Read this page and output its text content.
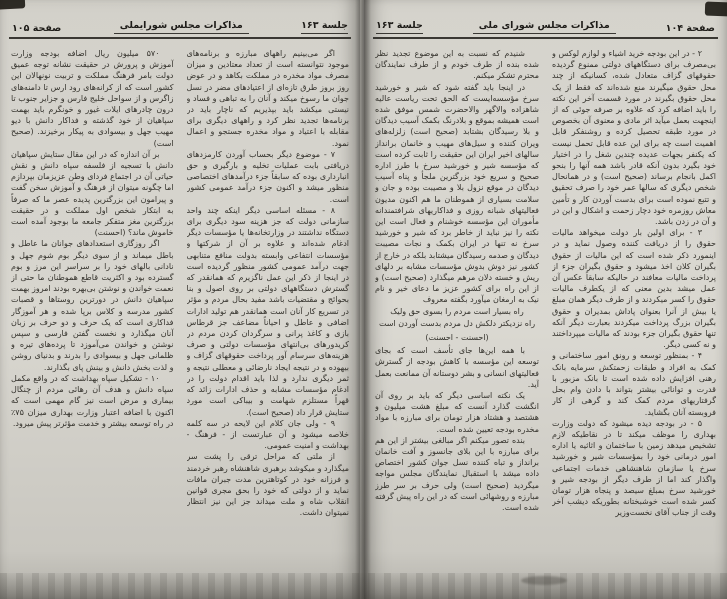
صفحة ۱۰۵	مذاکرات مجلس شورایملی	جلسة ۱۶۳

اگر می‌بینیم راههای مبارزه و برنامه‌های موجود نتوانسته است از تعداد معتادین و میزان مصرف مواد مخدره در مملکت بکاهد و در عوض روز بروز طرق تازه‌ای از اعتیادهای مضر در نسل جوان ما رسوخ میکند و آنان را به تباهی و فساد و نیستی میکشد باید بپذیریم که ناچار باید در برنامه‌ها تجدید نظر کرد و راههای دیگری برای مقابله با اعتیاد و مواد مخدره جستجو و اعمال نمود.

۷ - موضوع دیگر بحساب آوردن کارمزدهای دریافتی بابت عملیات تخلیه و بارگیری و حق انبارداری بوده که سابقاً جزء درآمدهای اختصاصی منظور میشد و اکنون جزء درآمد عمومی کشور است.

۸ - مسئله اساسی دیگر اینکه چند واحد سازمانی دولت که جز هزینه سود دیگری برای دستگاه نداشتند در وزارتخانه‌ها یا مؤسسات دیگر ادغام شده‌اند و علاوه بر آن از شرکتها و مؤسسات انتفاعی وابسته بدولت منافع متنابهی جهت درآمد عمومی کشور منظور گردیده است در اینجا از ذکر این عمل ناگزیرم که همانقدر که گسترش دستگاههای دولتی بر روی اصول و بنا بحوائج و مقتضیات باشد مفید بحال مردم و مؤثر در تسریع کار آنان است همانقدر هم تولید ادارات اضافی و عاطل و احیاناً مضاعف جز قرطاس بازی و کاغذ پرانی و سرگردان کردن مردم در کریدورهای بی‌انتهای مؤسسات دولتی و صرف هزینه‌های سرسام آور پرداخت حقوقهای گزاف و بیهوده و در نتیجه ایجاد نارضائی و معطلی نتیجه و ثمر دیگری ندارد و لذا باید اقدام دولت را در ادغام مؤسسات مشابه و حذف ادارات زائد که قهراً مستلزم شهامت و بیباکی است مورد ستایش قرار داد (صحیح است).

۹ - ولی جان کلام این لایحه در سه کلمه خلاصه میشود و آن عبارتست از - فرهنگ - بهداشت و امنیت عمومی.

از ملتی که مراحل ترقی را پشت سر میگذارد و میکوشد برهبری شاهنشاه رهبر خردمند و فرزانه خود در کوتاهترین مدت جبران مافات نماید و از دولتی که خود را بحق مجری قوانین انقلاب شاه و ملت میداند جز این نیز انتظار نمیتوان داشت.

۵۷۰ میلیون ریال اضافه بودجه وزارت آموزش و پرورش در حقیقت نشانه توجه عمیق دولت بامر فرهنگ مملکت و تربیت نونهالان این کشور است که از کرانه‌های رود ارس تا دامنه‌های زاگرس و از سواحل خلیج فارس و جزایر جنوب تا درون چادرهای ایلات غیور و خونگرم باید بهمت سپاهیان از خود گذشته و فداکار دانش با دیو مهیب جهل و بیسوادی به پیکار برخیزند. (صحیح است)

بر آن اندازه که در این مقال ستایش سپاهیان دانش با تسجیه از فلسفه سپاه دانش و نقش حیاتی آن در اجتماع فردای وطن عزیزمان بپردازم اما چگونه میتوان از فرهنگ و آموزش سخن گفت و پیرامون این بزرگترین پدیده عصر ما که صرفاً به ابتکار شخص اول مملکت و در حقیقت بزرگترین مغز متفکر جامعه ما بوجود آمده است خاموش ماند؟ (احسنت)

اگر روزگاری استعدادهای جوانان ما عاطل و باطل میماند و از سوی دیگر بوم شوم جهل و نادانی بالهای خود را بر سراسر این مرز و بوم گسترده بود و اکثریت قاطع هموطنان ما حتی از نعمت خواندن و نوشتن بی‌بهره بودند امروز بهمت سپاهیان دانش در دورترین روستاها و قصبات کشور مدرسه و کلاس برپا شده و هر آموزگار فداکاری است که یک حرف و دو حرف بر زبان آنان میگذارد و نخست گفتن فارسی و سپس نوشتن و خواندن می‌آموزد تا پرده‌های تیره و ظلمانی جهل و بیسوادی را بدرند و بدنیای روشن و لذت بخش دانش و بینش پای بگذارند.

۱۰ - تشکیل سپاه بهداشت که در واقع مکمل سپاه دانش و هدف آن رهائی مردم از چنگال بیماری و مرض است نیز گام مهمی است که اکنون با اضافه اعتبار وزارت بهداری میزان ۷۵٪ در راه توسعه بیشتر و خدمت مؤثرتر پیش میرود.

جلسة ۱۶۳	مذاکرات مجلس شورای ملی	صفحة ۱۰۴

۲ - در این بودجه خرید اشیاء و لوازم لوکس و بی‌مصرف برای دستگاههای دولتی ممنوع گردیده حقوقهای گزاف متعادل شده، کسانیکه از چند محل حقوق میگیرند منع شده‌اند که فقط از یک محل حقوق بگیرند در مورد قسمت آخر این نکته را باید اضافه کرد که علاوه بر صرفه جوئی که از اینجهت بعمل میآید اثر مادی و معنوی آن بخصوص در مورد طبقه تحصیل کرده و روشنفکر قابل اهمیت است چه برای این عده قابل تحمل نیست که یکنفر بجهات عدیده چندین شغل را در اختیار خود بگیرد بدون آنکه قادر باشد همه آنها را بنحو اکمل بانجام برساند (صحیح است) و در همانحال شخص دیگری که سالها عمر خود را صرف تحقیق و تتبع نموده است برای بدست آوردن کار و تأمین معاش روزمره خود دچار زحمت و اشکال و این در و آن در زدن باشد.

۳ - برای اولین بار دولت میخواهد مالیات حقوق را از دریافت کننده وصول نماید و در اینمورد ذکر شده است که این مالیات از حقوق بگیران کلان اخذ میشود و حقوق بگیران جزء از پرداخت مالیات معافند در حالیکه سابقاً عکس آن عمل میشد بدین معنی که از یکطرف مالیات حقوق را کسر میکردند و از طرف دیگر همان مبلغ یا بیش از آنرا بعنوان پاداش بمدیران و حقوق بگیران بزرگ پرداخت میکردند بعبارت دیگر آنکه تنها حقوق بگیران جزء بودند که مالیات میپرداختند و نه کسی دیگر.

۴ - بمنظور توسعه و رونق امور ساختمانی و کمک به افراد و طبقات زحمتکش سرمایه بانک رهنی افزایش داده شده است تا بانک مزبور با قدرت و توانائی بیشتر بتواند با دادن وام بحل گرفتاریهای مردم کمک کند و گرهی از کار فروبسته آنان بگشاید.

۵ - در بودجه دیده میشود که دولت وزارت بهداری را موظف میکند تا در نقاطیکه لازم تشخیص میدهد زمین با ساختمان و اثاثیه یا اداره امور درمانی خود را بمؤسسات شیر و خورشید سرخ یا سازمان شاهنشاهی خدمات اجتماعی واگذار کند اما از طرف دیگر از بودجه شیر و خورشید سرخ بمبلغ سیصد و پنجاه هزار تومان کسر شده است خوشبختانه بطوریکه دیشب آخر وقت از جناب آقای نخست‌وزیر

شنیدم که نسبت به این موضوع تجدید نظر شده بنده از طرف خودم و از طرف نمایندگان محترم تشکر میکنم.

در اینجا باید گفته شود که شیر و خورشید سرخ مؤسسه‌ایست که الحق تحت ریاست عالیه شاهزاده والاگهر والاحضرت شمس موفق شده است همیشه بموقع و بلادرنگ بکمک آسیب دیدگان و بلا رسیدگان بشتابد (صحیح است) زلزله‌های ویران کننده و سیل‌های مهیب و خانمان برانداز سالهای اخیر ایران این حقیقت را ثابت کرده است که مؤسسه شیر و خورشید سرخ با طرز اداره صحیح و سریع خود بزرگترین ملجأ و پناه آسیب دیدگان در موقع نزول بلا و مصیبت بوده و جان و سلامت بسیاری از هموطنان ما هم اکنون مدیون فعالیتهای شبانه روزی و فداکاریهای شرافتمندانه مأموران این مؤسسه خوشنام و فعال است این نکته را نیز نباید از خاطر برد که شیر و خورشید سرخ نه تنها در ایران بکمک و نجات مصیبت دیدگان و صدمه رسیدگان میشتابد بلکه در خارج از کشور نیز دوش بدوش مؤسسات مشابه بر دلهای ریش و خسته دلان مرهم میگذارد (صحیح است) و از این راه برای کشور عزیز ما دعای خیر و نام نیک به ارمغان میآورد بگفته معروف

راه بسیار است مردم را بسوی حق ولیک

راه نزدیکتر دلکش دل مردم بدست آوردن است

(احسنت - احسنت)

با همه این‌ها جای تأسف است که بجای توسعه این مؤسسه با کاهش بودجه از گسترش فعالیتهای انسانی و بشر دوستانه آن ممانعت بعمل آید.

یک نکته اساسی دیگر که باید بر روی آن انگشت گذارد آنست که مبلغ هشت میلیون و هشتصد و هشتاد هزار تومان برای مبارزه با مواد مخدره بودجه تعیین شده است.

بنده تصور میکنم اگر مبالغی بیشتر از این هم برای مبارزه با این بلای جانسوز و آفت خانمان برانداز و تباه کننده نسل جوان کشور اختصاص داده میشد با استقبال نمایندگان مجلس مواجه میگردید (صحیح است) ولی حرف بر سر طرز مبارزه و روشهائی است که در این راه پیش گرفته شده است.
